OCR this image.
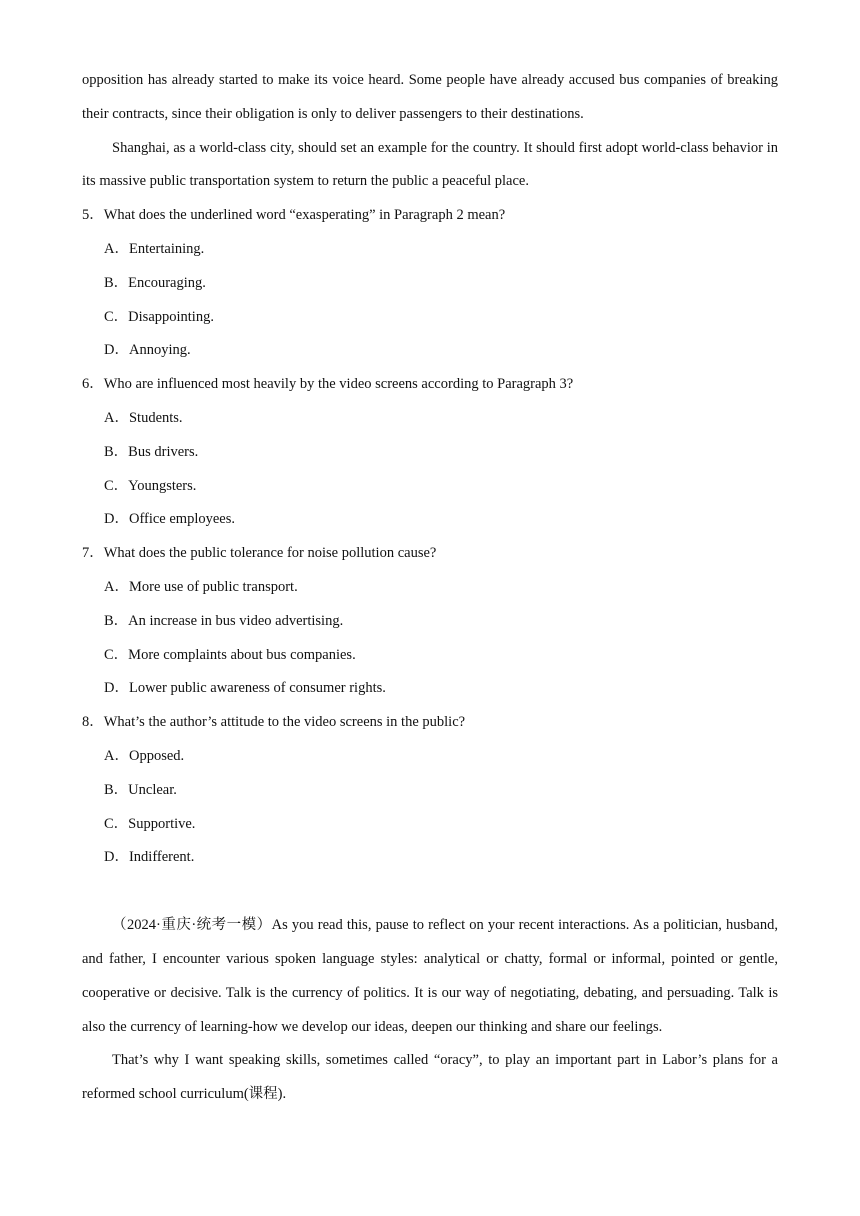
opposition has already started to make its voice heard. Some people have already accused bus companies of breaking their contracts, since their obligation is only to deliver passengers to their destinations.

Shanghai, as a world-class city, should set an example for the country. It should first adopt world-class behavior in its massive public transportation system to return the public a peaceful place.

5．What does the underlined word “exasperating” in Paragraph 2 mean?

A．Entertaining.

B．Encouraging.

C．Disappointing.

D．Annoying.

6．Who are influenced most heavily by the video screens according to Paragraph 3?

A．Students.

B．Bus drivers.

C．Youngsters.

D．Office employees.

7．What does the public tolerance for noise pollution cause?

A．More use of public transport.

B．An increase in bus video advertising.

C．More complaints about bus companies.

D．Lower public awareness of consumer rights.

8．What’s the author’s attitude to the video screens in the public?

A．Opposed.

B．Unclear.

C．Supportive.

D．Indifferent.

（2024·重庆·统考一模）As you read this, pause to reflect on your recent interactions. As a politician, husband, and father, I encounter various spoken language styles: analytical or chatty, formal or informal, pointed or gentle, cooperative or decisive. Talk is the currency of politics. It is our way of negotiating, debating, and persuading. Talk is also the currency of learning-how we develop our ideas, deepen our thinking and share our feelings.

That’s why I want speaking skills, sometimes called “oracy”, to play an important part in Labor’s plans for a reformed school curriculum(课程).
